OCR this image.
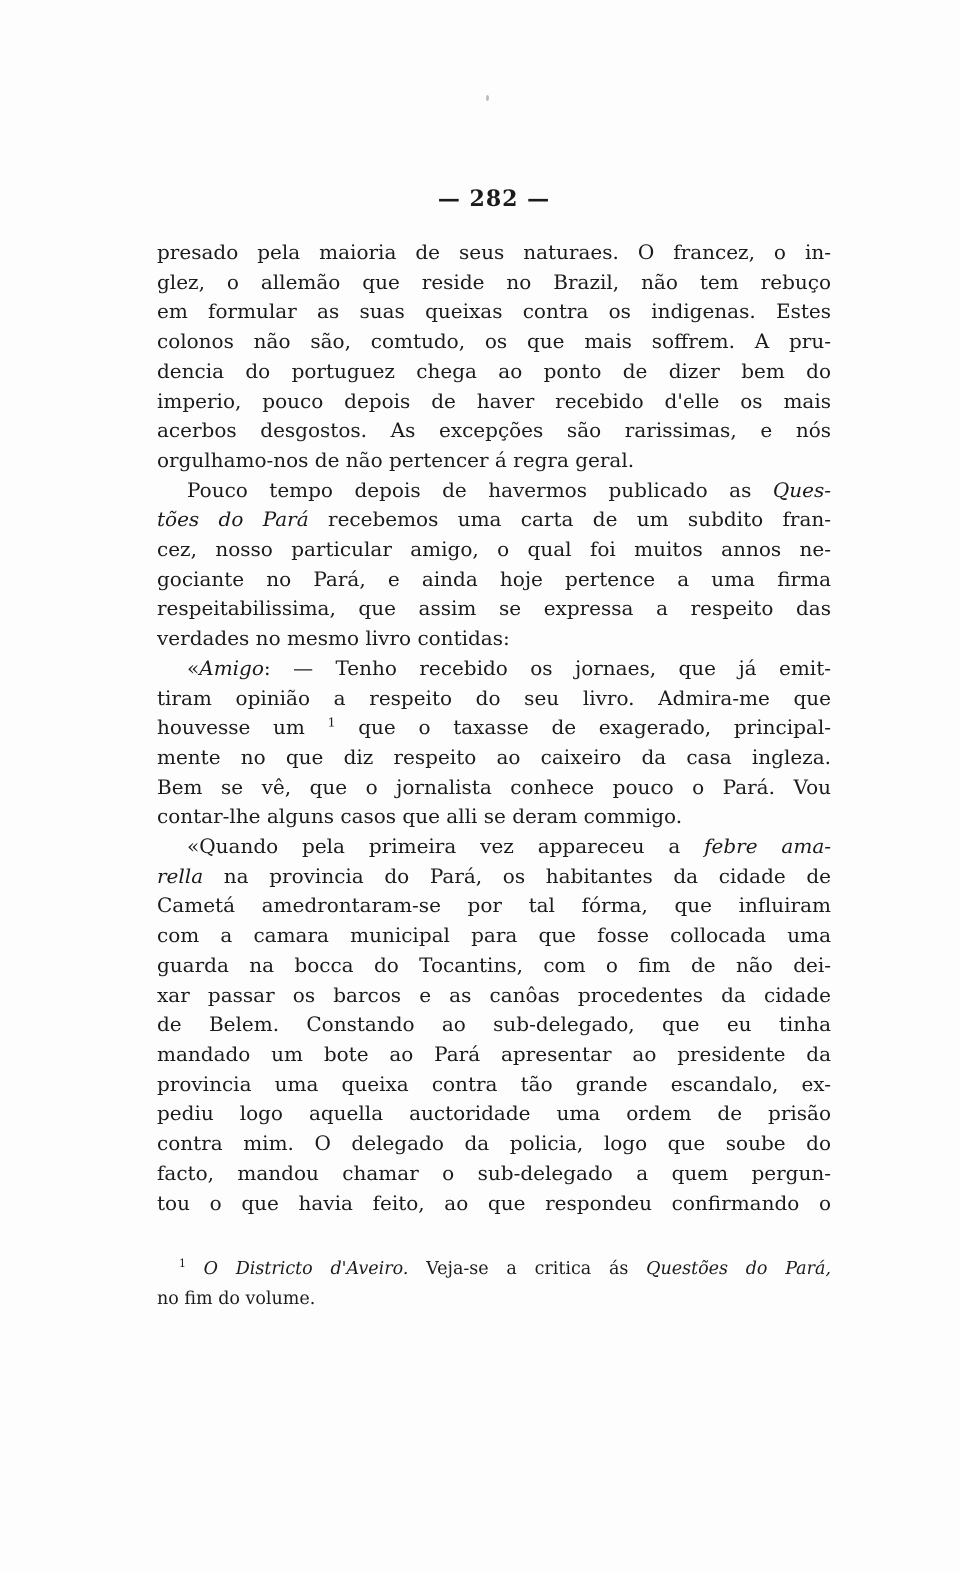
— 282 —
presado pela maioria de seus naturaes. O francez, o in-
glez, o allemão que reside no Brazil, não tem rebuço
em formular as suas queixas contra os indigenas. Estes
colonos não são, comtudo, os que mais soffrem. A pru-
dencia do portuguez chega ao ponto de dizer bem do
imperio, pouco depois de haver recebido d'elle os mais
acerbos desgostos. As excepções são rarissimas, e nós
orgulhamo-nos de não pertencer á regra geral.
Pouco tempo depois de havermos publicado as Ques-
tões do Pará recebemos uma carta de um subdito fran-
cez, nosso particular amigo, o qual foi muitos annos ne-
gociante no Pará, e ainda hoje pertence a uma firma
respeitabilissima, que assim se expressa a respeito das
verdades no mesmo livro contidas:
«Amigo: — Tenho recebido os jornaes, que já emit-
tiram opinião a respeito do seu livro. Admira-me que
houvesse um $^1$ que o taxasse de exagerado, principal-
mente no que diz respeito ao caixeiro da casa ingleza.
Bem se vê, que o jornalista conhece pouco o Pará. Vou
contar-lhe alguns casos que alli se deram commigo.
«Quando pela primeira vez appareceu a febre ama-
rella na provincia do Pará, os habitantes da cidade de
Cametá amedrontaram-se por tal fórma, que influiram
com a camara municipal para que fosse collocada uma
guarda na bocca do Tocantins, com o fim de não dei-
xar passar os barcos e as canôas procedentes da cidade
de Belem. Constando ao sub-delegado, que eu tinha
mandado um bote ao Pará apresentar ao presidente da
provincia uma queixa contra tão grande escandalo, ex-
pediu logo aquella auctoridade uma ordem de prisão
contra mim. O delegado da policia, logo que soube do
facto, mandou chamar o sub-delegado a quem pergun-
tou o que havia feito, ao que respondeu confirmando o
$^1$ O Districto d'Aveiro. Veja-se a critica ás Questões do Pará,
no fim do volume.
